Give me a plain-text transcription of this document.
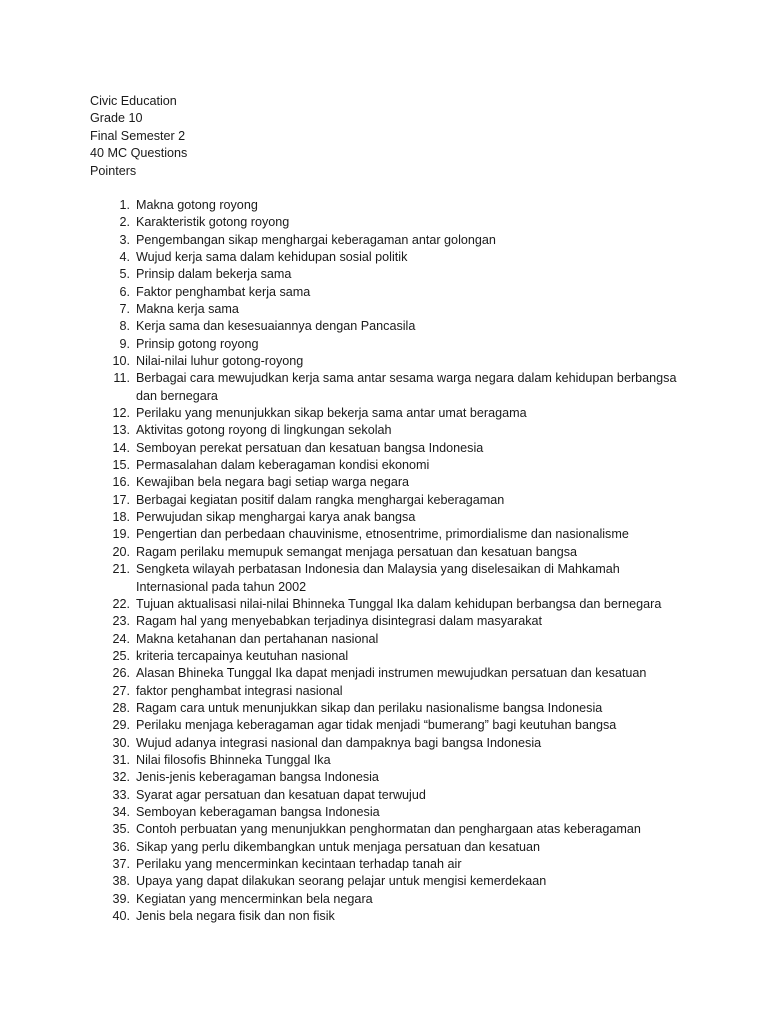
Civic Education
Grade 10
Final Semester 2
40 MC Questions
Pointers
1. Makna gotong royong
2. Karakteristik gotong royong
3. Pengembangan sikap menghargai keberagaman antar golongan
4. Wujud kerja sama dalam kehidupan sosial politik
5. Prinsip dalam bekerja sama
6. Faktor penghambat kerja sama
7. Makna kerja sama
8. Kerja sama dan kesesuaiannya dengan Pancasila
9. Prinsip gotong royong
10. Nilai-nilai luhur gotong-royong
11. Berbagai cara mewujudkan kerja sama antar sesama warga negara dalam kehidupan berbangsa dan bernegara
12. Perilaku yang menunjukkan sikap bekerja sama antar umat beragama
13. Aktivitas gotong royong di lingkungan sekolah
14. Semboyan perekat persatuan dan kesatuan bangsa Indonesia
15. Permasalahan dalam keberagaman kondisi ekonomi
16. Kewajiban bela negara bagi setiap warga negara
17. Berbagai kegiatan positif dalam rangka menghargai keberagaman
18. Perwujudan sikap menghargai karya anak bangsa
19. Pengertian dan perbedaan chauvinisme, etnosentrime, primordialisme dan nasionalisme
20. Ragam perilaku memupuk semangat menjaga persatuan dan kesatuan bangsa
21. Sengketa wilayah perbatasan Indonesia dan Malaysia yang diselesaikan di Mahkamah Internasional pada tahun 2002
22. Tujuan aktualisasi nilai-nilai Bhinneka Tunggal Ika dalam kehidupan berbangsa dan bernegara
23. Ragam hal yang menyebabkan terjadinya disintegrasi dalam masyarakat
24. Makna ketahanan dan pertahanan nasional
25. kriteria tercapainya keutuhan nasional
26. Alasan Bhineka Tunggal Ika dapat menjadi instrumen mewujudkan persatuan dan kesatuan
27. faktor penghambat integrasi nasional
28. Ragam cara untuk menunjukkan sikap dan perilaku nasionalisme bangsa Indonesia
29. Perilaku menjaga keberagaman agar tidak menjadi “bumerang” bagi keutuhan bangsa
30. Wujud adanya integrasi nasional dan dampaknya bagi bangsa Indonesia
31. Nilai filosofis Bhinneka Tunggal Ika
32. Jenis-jenis keberagaman bangsa Indonesia
33. Syarat agar persatuan dan kesatuan dapat terwujud
34. Semboyan keberagaman bangsa Indonesia
35. Contoh perbuatan yang menunjukkan penghormatan dan penghargaan atas keberagaman
36. Sikap yang perlu dikembangkan untuk menjaga persatuan dan kesatuan
37. Perilaku yang mencerminkan kecintaan terhadap tanah air
38. Upaya yang dapat dilakukan seorang pelajar untuk mengisi kemerdekaan
39. Kegiatan yang mencerminkan bela negara
40. Jenis bela negara fisik dan non fisik
